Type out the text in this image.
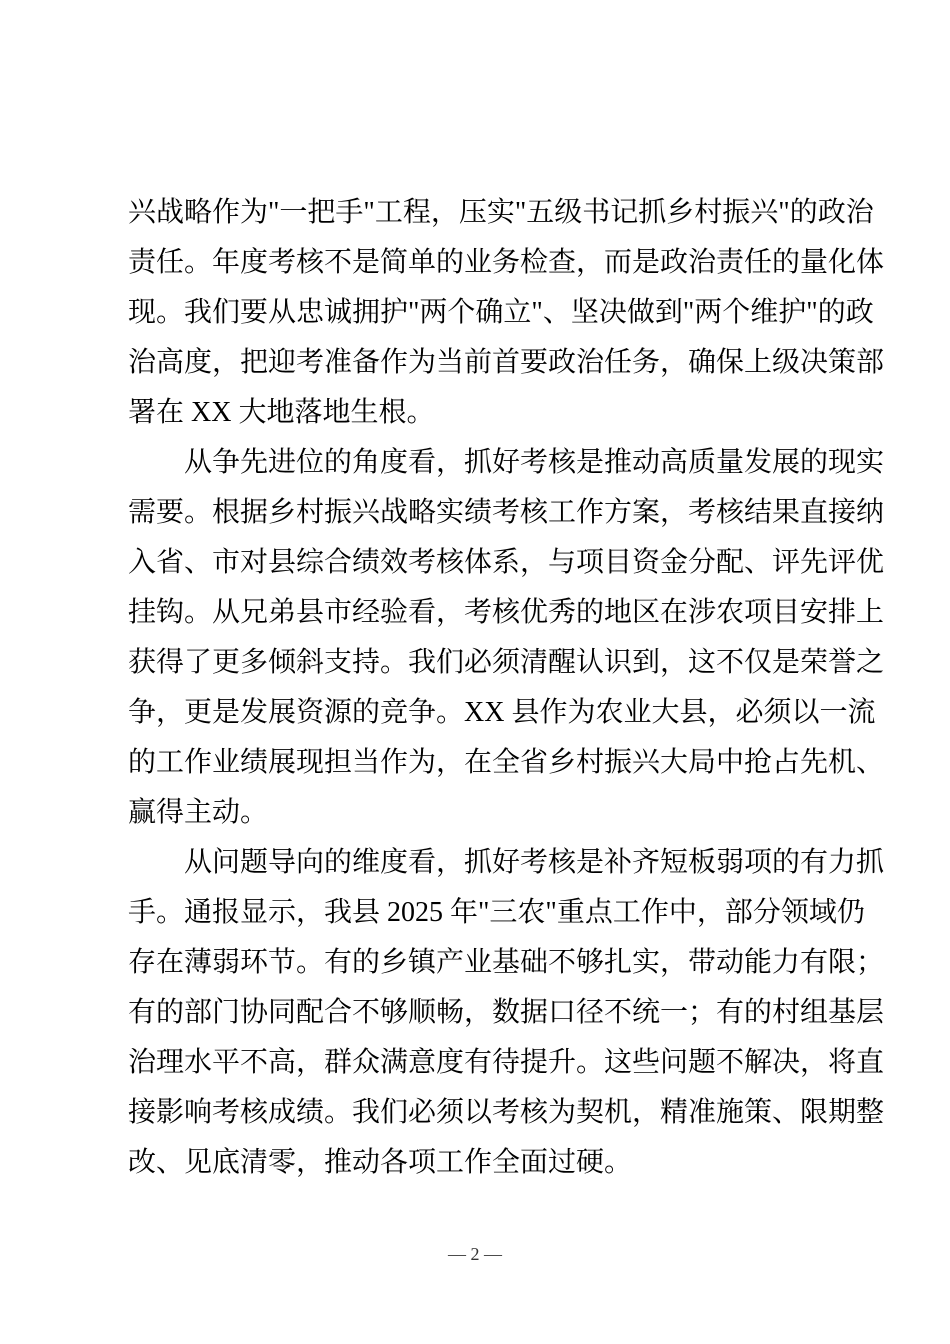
兴战略作为"一把手"工程，压实"五级书记抓乡村振兴"的政治
责任。年度考核不是简单的业务检查，而是政治责任的量化体
现。我们要从忠诚拥护"两个确立"、坚决做到"两个维护"的政
治高度，把迎考准备作为当前首要政治任务，确保上级决策部
署在 XX 大地落地生根。
从争先进位的角度看，抓好考核是推动高质量发展的现实
需要。根据乡村振兴战略实绩考核工作方案，考核结果直接纳
入省、市对县综合绩效考核体系，与项目资金分配、评先评优
挂钩。从兄弟县市经验看，考核优秀的地区在涉农项目安排上
获得了更多倾斜支持。我们必须清醒认识到，这不仅是荣誉之
争，更是发展资源的竞争。XX 县作为农业大县，必须以一流
的工作业绩展现担当作为，在全省乡村振兴大局中抢占先机、
赢得主动。
从问题导向的维度看，抓好考核是补齐短板弱项的有力抓
手。通报显示，我县 2025 年"三农"重点工作中，部分领域仍
存在薄弱环节。有的乡镇产业基础不够扎实，带动能力有限；
有的部门协同配合不够顺畅，数据口径不统一；有的村组基层
治理水平不高，群众满意度有待提升。这些问题不解决，将直
接影响考核成绩。我们必须以考核为契机，精准施策、限期整
改、见底清零，推动各项工作全面过硬。
— 2 —
